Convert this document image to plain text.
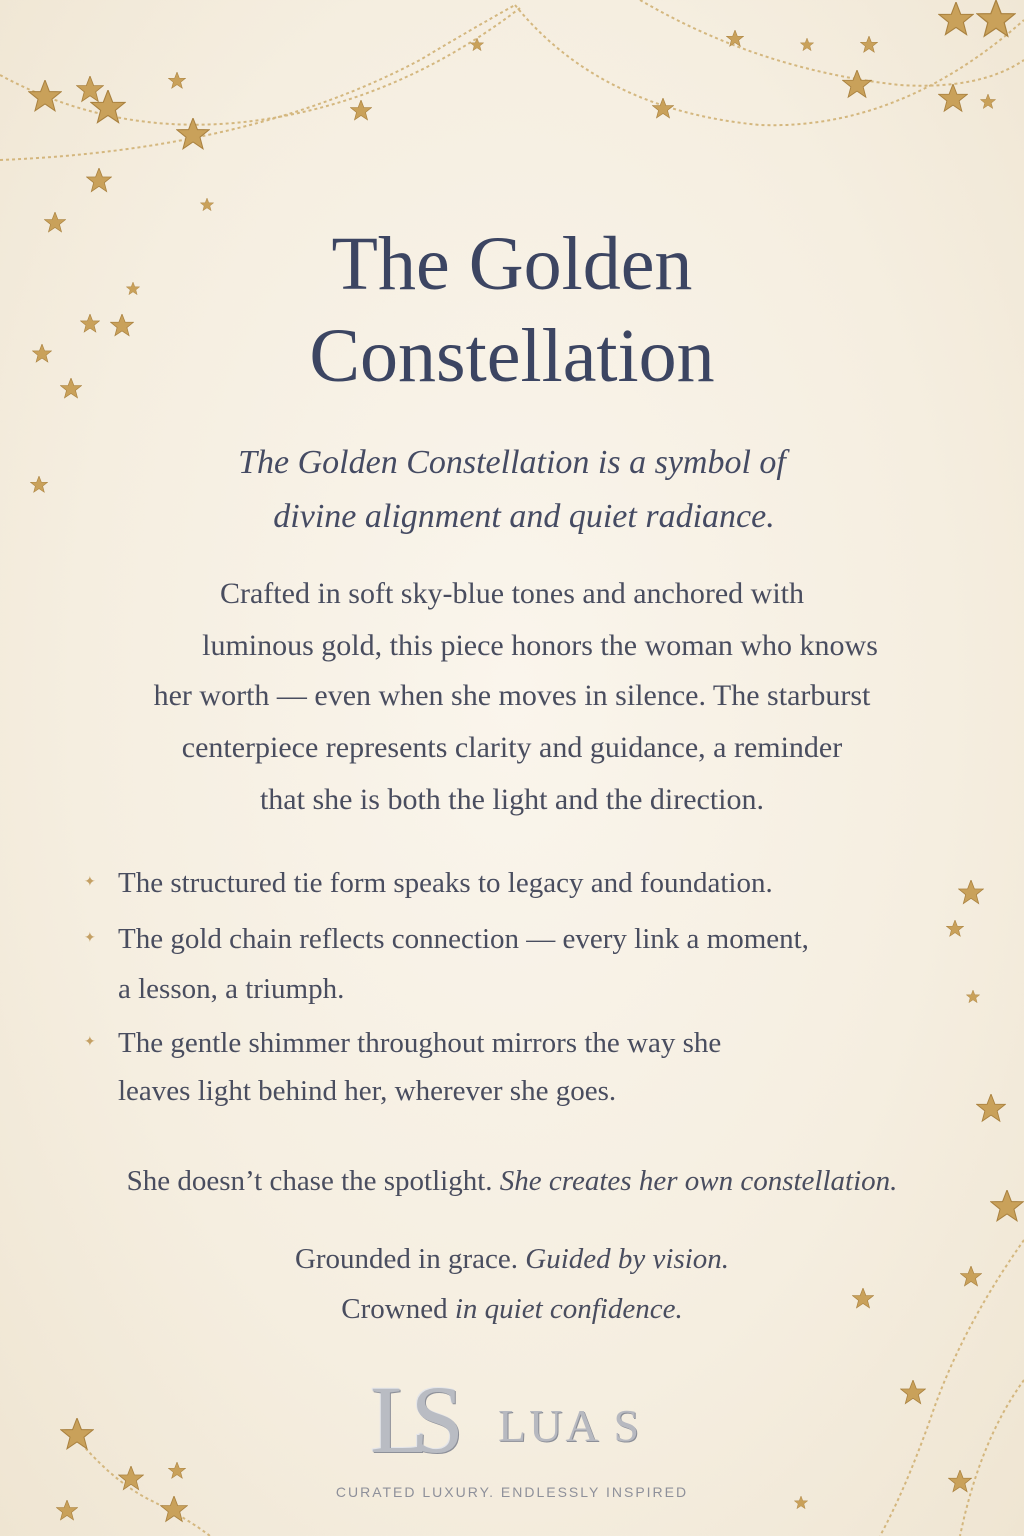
The Golden
Constellation
The Golden Constellation is a symbol of
divine alignment and quiet radiance.
Crafted in soft sky-blue tones and anchored with
luminous gold, this piece honors the woman who knows
her worth — even when she moves in silence. The starburst
centerpiece represents clarity and guidance, a reminder
that she is both the light and the direction.
✦ The structured tie form speaks to legacy and foundation.
✦ The gold chain reflects connection — every link a moment,
a lesson, a triumph.
✦ The gentle shimmer throughout mirrors the way she
leaves light behind her, wherever she goes.
She doesn’t chase the spotlight. She creates her own constellation.
Grounded in grace. Guided by vision.
Crowned in quiet confidence.
LS LUA S
CURATED LUXURY. ENDLESSLY INSPIRED
